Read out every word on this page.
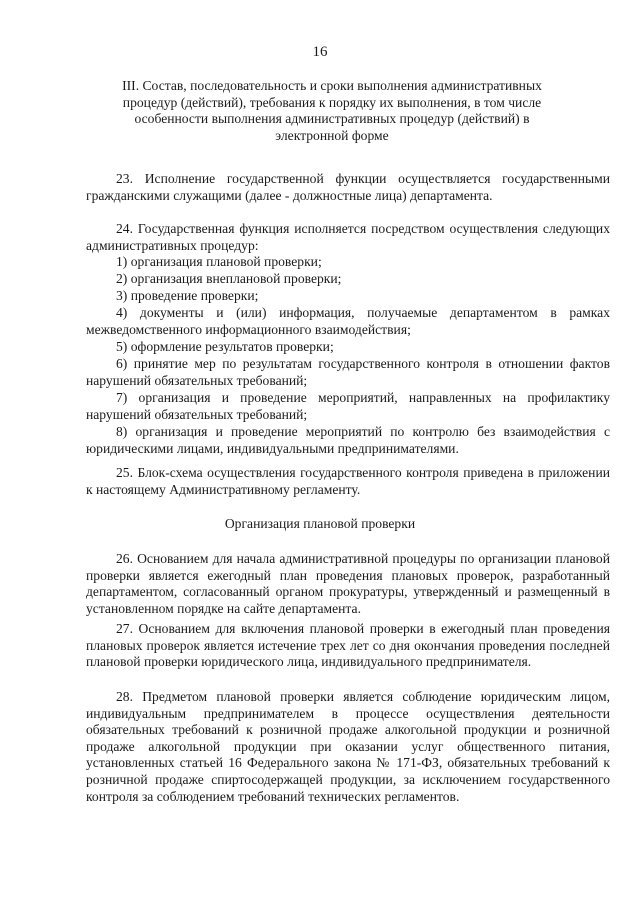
16
III. Состав, последовательность и сроки выполнения административных процедур (действий), требования к порядку их выполнения, в том числе особенности выполнения административных процедур (действий) в электронной форме
23. Исполнение государственной функции осуществляется государственными гражданскими служащими (далее - должностные лица) департамента.
24. Государственная функция исполняется посредством осуществления следующих административных процедур:
1) организация плановой проверки;
2) организация внеплановой проверки;
3) проведение проверки;
4) документы и (или) информация, получаемые департаментом в рамках межведомственного информационного взаимодействия;
5) оформление результатов проверки;
6) принятие мер по результатам государственного контроля в отношении фактов нарушений обязательных требований;
7) организация и проведение мероприятий, направленных на профилактику нарушений обязательных требований;
8) организация и проведение мероприятий по контролю без взаимодействия с юридическими лицами, индивидуальными предпринимателями.
25. Блок-схема осуществления государственного контроля приведена в приложении к настоящему Административному регламенту.
Организация плановой проверки
26. Основанием для начала административной процедуры по организации плановой проверки является ежегодный план проведения плановых проверок, разработанный департаментом, согласованный органом прокуратуры, утвержденный и размещенный в установленном порядке на сайте департамента.
27. Основанием для включения плановой проверки в ежегодный план проведения плановых проверок является истечение трех лет со дня окончания проведения последней плановой проверки юридического лица, индивидуального предпринимателя.
28. Предметом плановой проверки является соблюдение юридическим лицом, индивидуальным предпринимателем в процессе осуществления деятельности обязательных требований к розничной продаже алкогольной продукции и розничной продаже алкогольной продукции при оказании услуг общественного питания, установленных статьей 16 Федерального закона № 171-ФЗ, обязательных требований к розничной продаже спиртосодержащей продукции, за исключением государственного контроля за соблюдением требований технических регламентов.
